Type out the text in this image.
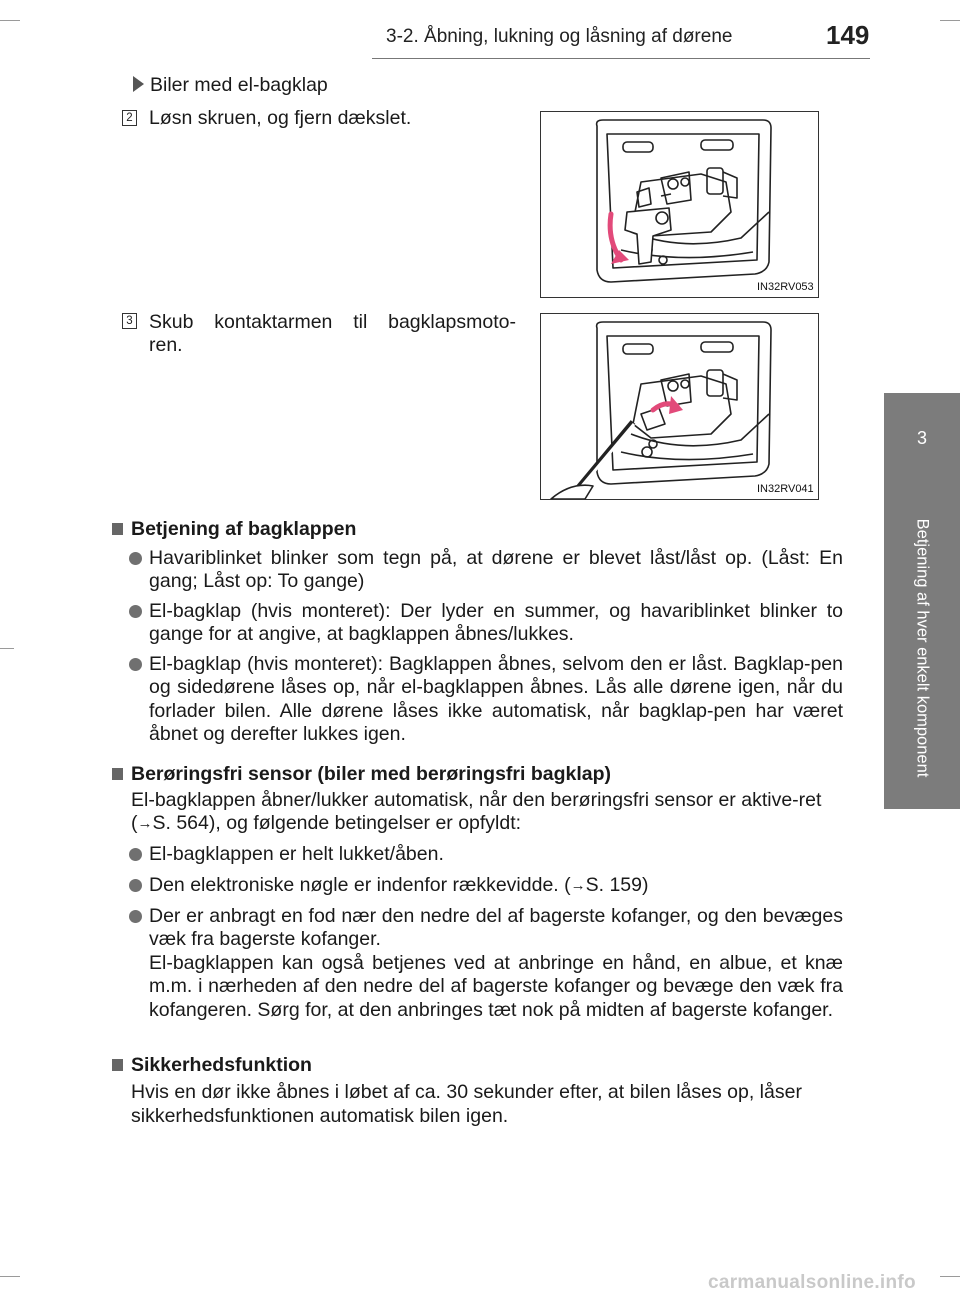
3-2. Åbning, lukning og låsning af dørene	149
3
Betjening af hver enkelt komponent
Biler med el-bagklap
2 Løsn skruen, og fjern dækslet.
IN32RV053
3 Skub kontaktarmen til bagklapsmoto-
ren.
IN32RV041
Betjening af bagklappen
Havariblinket blinker som tegn på, at dørene er blevet låst/låst op. (Låst: En gang; Låst op: To gange)
El-bagklap (hvis monteret): Der lyder en summer, og havariblinket blinker to gange for at angive, at bagklappen åbnes/lukkes.
El-bagklap (hvis monteret): Bagklappen åbnes, selvom den er låst. Bagklap-pen og sidedørene låses op, når el-bagklappen åbnes. Lås alle dørene igen, når du forlader bilen. Alle dørene låses ikke automatisk, når bagklap-pen har været åbnet og derefter lukkes igen.
Berøringsfri sensor (biler med berøringsfri bagklap)
El-bagklappen åbner/lukker automatisk, når den berøringsfri sensor er aktive-ret (→S. 564), og følgende betingelser er opfyldt:
El-bagklappen er helt lukket/åben.
Den elektroniske nøgle er indenfor rækkevidde. (→S. 159)
Der er anbragt en fod nær den nedre del af bagerste kofanger, og den bevæges væk fra bagerste kofanger.
El-bagklappen kan også betjenes ved at anbringe en hånd, en albue, et knæ m.m. i nærheden af den nedre del af bagerste kofanger og bevæge den væk fra kofangeren. Sørg for, at den anbringes tæt nok på midten af bagerste kofanger.
Sikkerhedsfunktion
Hvis en dør ikke åbnes i løbet af ca. 30 sekunder efter, at bilen låses op, låser
sikkerhedsfunktionen automatisk bilen igen.
carmanualsonline.info
